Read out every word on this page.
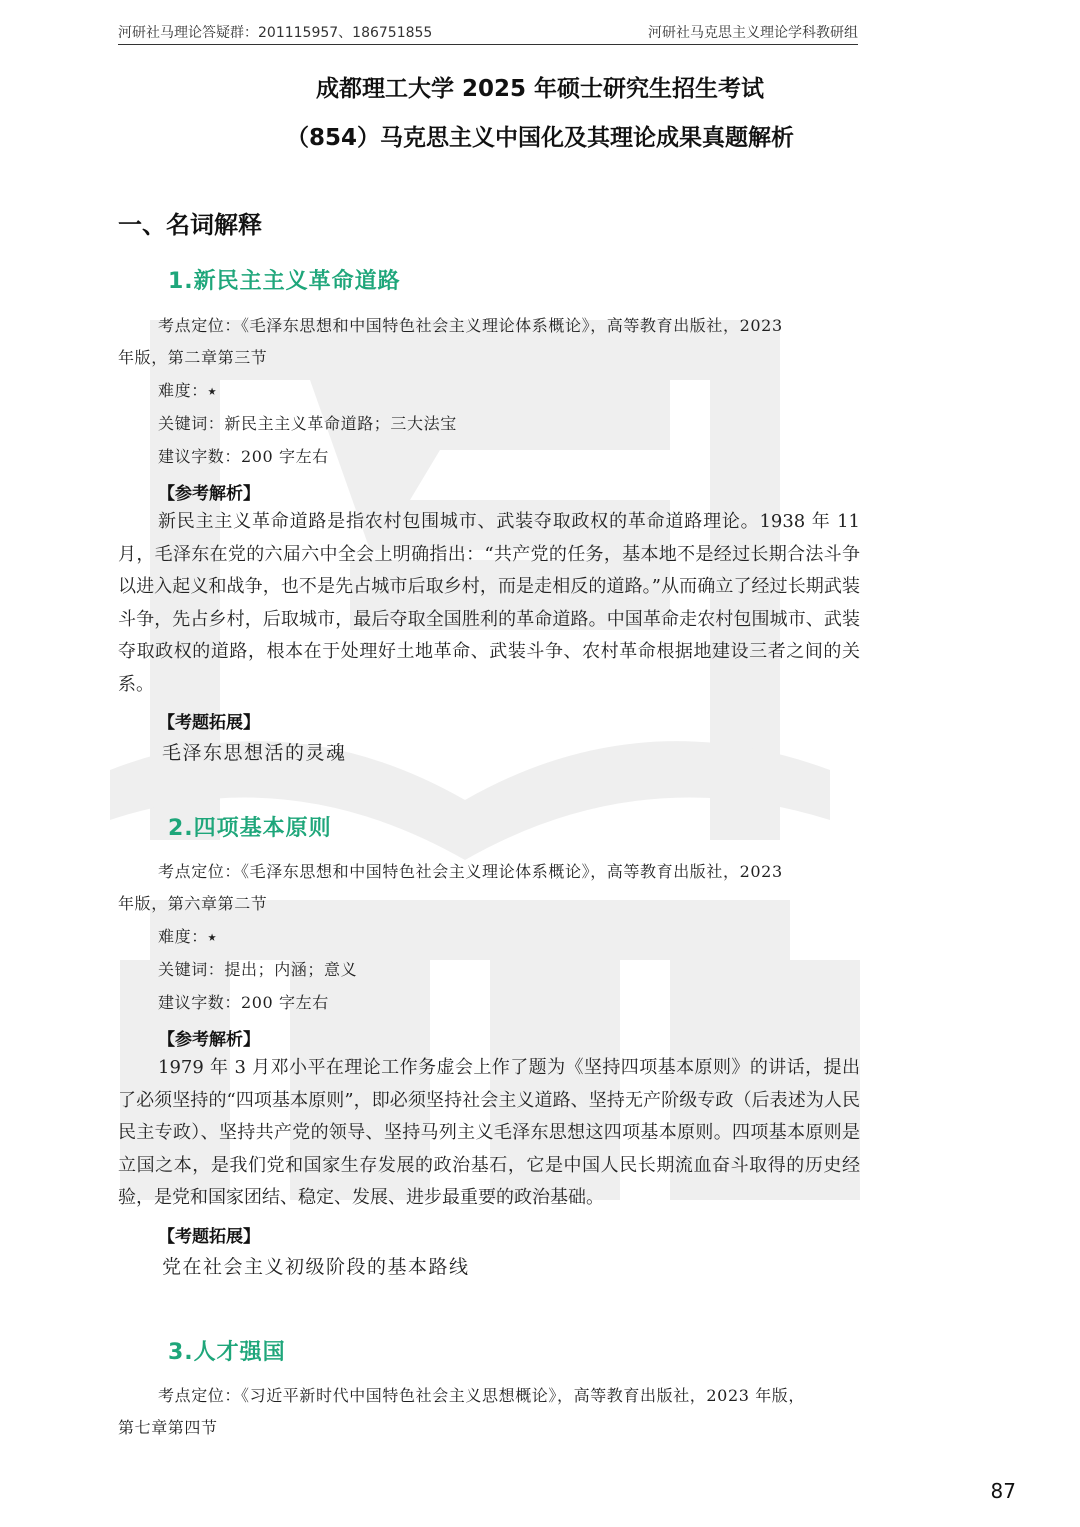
河研社马理论答疑群：201115957、186751855	河研社马克思主义理论学科教研组
成都理工大学 2025 年硕士研究生招生考试
（854）马克思主义中国化及其理论成果真题解析
一、名词解释
1.新民主主义革命道路
考点定位：《毛泽东思想和中国特色社会主义理论体系概论》，高等教育出版社，2023
年版，第二章第三节
难度：⭑
关键词：新民主主义革命道路；三大法宝
建议字数：200 字左右
【参考解析】
新民主主义革命道路是指农村包围城市、武装夺取政权的革命道路理论。1938 年 11 月，毛泽东在党的六届六中全会上明确指出：“共产党的任务，基本地不是经过长期合法斗争以进入起义和战争，也不是先占城市后取乡村，而是走相反的道路。”从而确立了经过长期武装斗争，先占乡村，后取城市，最后夺取全国胜利的革命道路。中国革命走农村包围城市、武装夺取政权的道路，根本在于处理好土地革命、武装斗争、农村革命根据地建设三者之间的关系。
【考题拓展】
毛泽东思想活的灵魂
2.四项基本原则
考点定位：《毛泽东思想和中国特色社会主义理论体系概论》，高等教育出版社，2023
年版，第六章第二节
难度：⭑
关键词：提出；内涵；意义
建议字数：200 字左右
【参考解析】
1979 年 3 月邓小平在理论工作务虚会上作了题为《坚持四项基本原则》的讲话，提出了必须坚持的“四项基本原则”，即必须坚持社会主义道路、坚持无产阶级专政（后表述为人民民主专政）、坚持共产党的领导、坚持马列主义毛泽东思想这四项基本原则。四项基本原则是立国之本，是我们党和国家生存发展的政治基石，它是中国人民长期流血奋斗取得的历史经验，是党和国家团结、稳定、发展、进步最重要的政治基础。
【考题拓展】
党在社会主义初级阶段的基本路线
3.人才强国
考点定位：《习近平新时代中国特色社会主义思想概论》，高等教育出版社，2023 年版，
第七章第四节
87
